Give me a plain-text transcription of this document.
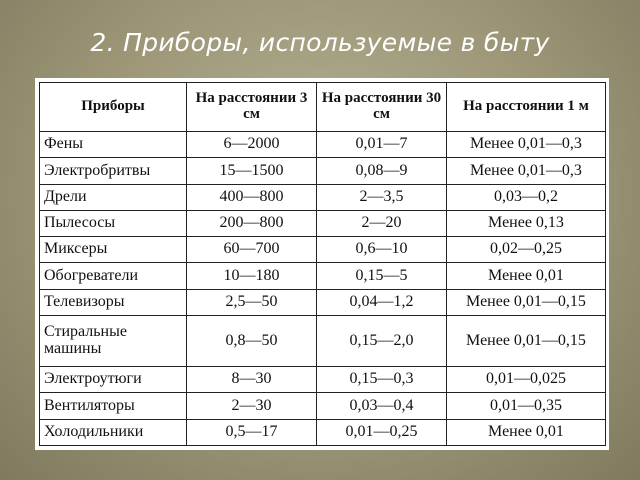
2. Приборы, используемые в быту
Приборы	На расстоянии 3 см	На расстоянии 30 см	На расстоянии 1 м
Фены	6—2000	0,01—7	Менее 0,01—0,3
Электробритвы	15—1500	0,08—9	Менее 0,01—0,3
Дрели	400—800	2—3,5	0,03—0,2
Пылесосы	200—800	2—20	Менее 0,13
Миксеры	60—700	0,6—10	0,02—0,25
Обогреватели	10—180	0,15—5	Менее 0,01
Телевизоры	2,5—50	0,04—1,2	Менее 0,01—0,15
Стиральные машины	0,8—50	0,15—2,0	Менее 0,01—0,15
Электроутюги	8—30	0,15—0,3	0,01—0,025
Вентиляторы	2—30	0,03—0,4	0,01—0,35
Холодильники	0,5—17	0,01—0,25	Менее 0,01
